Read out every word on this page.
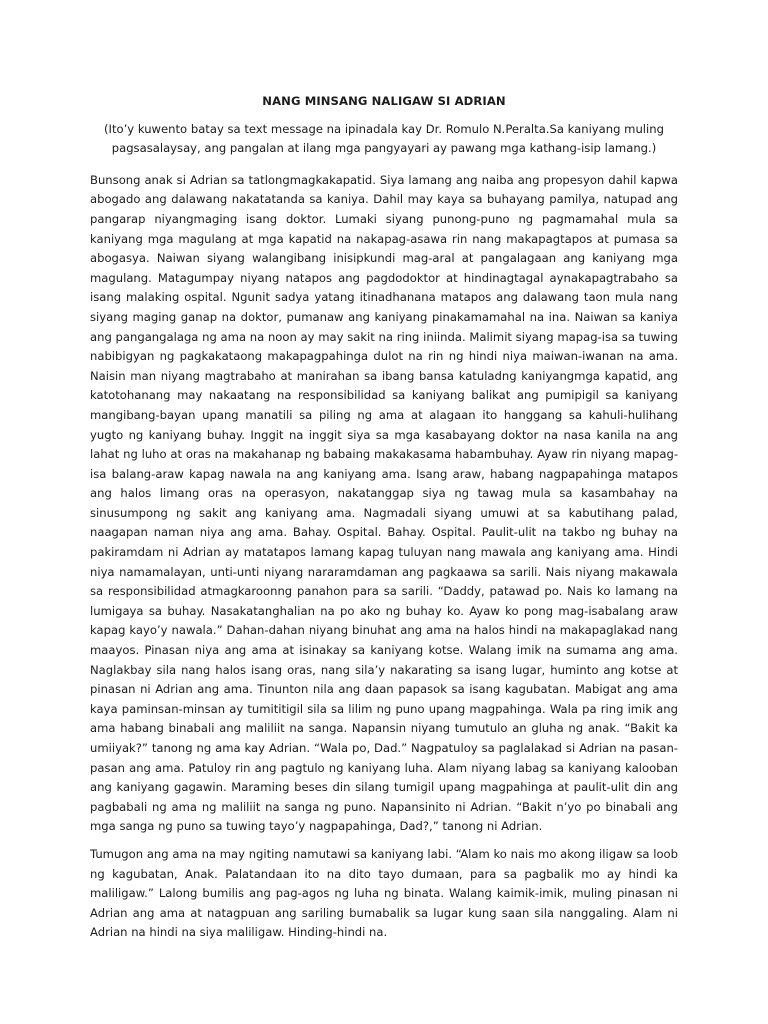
NANG MINSANG NALIGAW SI ADRIAN
(Ito’y kuwento batay sa text message na ipinadala kay Dr. Romulo N.Peralta.Sa kaniyang muling pagsasalaysay, ang pangalan at ilang mga pangyayari ay pawang mga kathang-isip lamang.)

Bunsong anak si Adrian sa tatlongmagkakapatid. Siya lamang ang naiba ang propesyon dahil kapwa abogado ang dalawang nakatatanda sa kaniya. Dahil may kaya sa buhayang pamilya, natupad ang pangarap niyangmaging isang doktor. Lumaki siyang punong-puno ng pagmamahal mula sa kaniyang mga magulang at mga kapatid na nakapag-asawa rin nang makapagtapos at pumasa sa abogasya. Naiwan siyang walangibang inisipkundi mag-aral at pangalagaan ang kaniyang mga magulang. Matagumpay niyang natapos ang pagdodoktor at hindinagtagal aynakapagtrabaho sa isang malaking ospital. Ngunit sadya yatang itinadhanana matapos ang dalawang taon mula nang siyang maging ganap na doktor, pumanaw ang kaniyang pinakamamahal na ina. Naiwan sa kaniya ang pangangalaga ng ama na noon ay may sakit na ring iniinda. Malimit siyang mapag-isa sa tuwing nabibigyan ng pagkakataong makapagpahinga dulot na rin ng hindi niya maiwan-iwanan na ama. Naisin man niyang magtrabaho at manirahan sa ibang bansa katuladng kaniyangmga kapatid, ang katotohanang may nakaatang na responsibilidad sa kaniyang balikat ang pumipigil sa kaniyang mangibang-bayan upang manatili sa piling ng ama at alagaan ito hanggang sa kahuli-hulihang yugto ng kaniyang buhay. Inggit na inggit siya sa mga kasabayang doktor na nasa kanila na ang lahat ng luho at oras na makahanap ng babaing makakasama habambuhay. Ayaw rin niyang mapag-isa balang-araw kapag nawala na ang kaniyang ama. Isang araw, habang nagpapahinga matapos ang halos limang oras na operasyon, nakatanggap siya ng tawag mula sa kasambahay na sinusumpong ng sakit ang kaniyang ama. Nagmadali siyang umuwi at sa kabutihang palad, naagapan naman niya ang ama. Bahay. Ospital. Bahay. Ospital. Paulit-ulit na takbo ng buhay na pakiramdam ni Adrian ay matatapos lamang kapag tuluyan nang mawala ang kaniyang ama. Hindi niya namamalayan, unti-unti niyang nararamdaman ang pagkaawa sa sarili. Nais niyang makawala sa responsibilidad atmagkaroonng panahon para sa sarili. “Daddy, patawad po. Nais ko lamang na lumigaya sa buhay. Nasakatanghalian na po ako ng buhay ko. Ayaw ko pong mag-isabalang araw kapag kayo’y nawala.” Dahan-dahan niyang binuhat ang ama na halos hindi na makapaglakad nang maayos. Pinasan niya ang ama at isinakay sa kaniyang kotse. Walang imik na sumama ang ama. Naglakbay sila nang halos isang oras, nang sila’y nakarating sa isang lugar, huminto ang kotse at pinasan ni Adrian ang ama. Tinunton nila ang daan papasok sa isang kagubatan. Mabigat ang ama kaya paminsan-minsan ay tumititigil sila sa lilim ng puno upang magpahinga. Wala pa ring imik ang ama habang binabali ang maliliit na sanga. Napansin niyang tumutulo an gluha ng anak. “Bakit ka umiiyak?” tanong ng ama kay Adrian. “Wala po, Dad.” Nagpatuloy sa paglalakad si Adrian na pasan-pasan ang ama. Patuloy rin ang pagtulo ng kaniyang luha. Alam niyang labag sa kaniyang kalooban ang kaniyang gagawin. Maraming beses din silang tumigil upang magpahinga at paulit-ulit din ang pagbabali ng ama ng maliliit na sanga ng puno. Napansinito ni Adrian. “Bakit n’yo po binabali ang mga sanga ng puno sa tuwing tayo’y nagpapahinga, Dad?,” tanong ni Adrian.

Tumugon ang ama na may ngiting namutawi sa kaniyang labi. “Alam ko nais mo akong iligaw sa loob ng kagubatan, Anak. Palatandaan ito na dito tayo dumaan, para sa pagbalik mo ay hindi ka maliligaw.” Lalong bumilis ang pag-agos ng luha ng binata. Walang kaimik-imik, muling pinasan ni Adrian ang ama at natagpuan ang sariling bumabalik sa lugar kung saan sila nanggaling. Alam ni Adrian na hindi na siya maliligaw. Hinding-hindi na.
